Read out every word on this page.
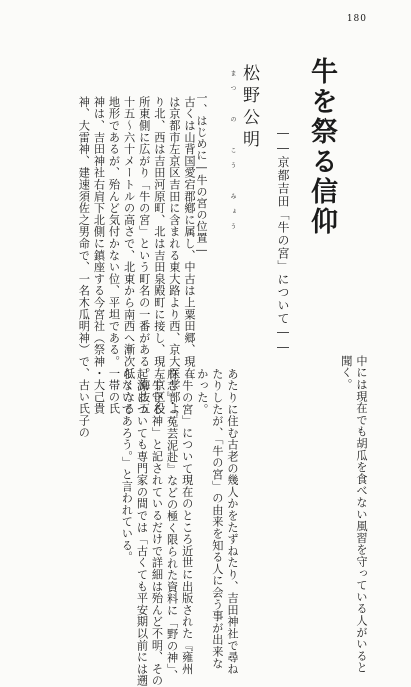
180
牛を祭る信仰
――京都吉田「牛の宮」について――
まつ の こう みょう 松野公明
一、はじめに―牛の宮の位置―
古くは山背国愛宕郡鄕に属し、中古は上粟田郷、現在
は京都市左京区吉田に含まれる東大路より西、京大医学部よ
り北、西は吉田河原町、北は吉田泉殿町に接し、現左京区役
所東側に広がり「牛の宮」という町名の一番がある。海抜五
十五～六十メートルの高さで、北東から南西へ漸次低くなる
地形であるが、殆んど気付かない位、平坦である。一帯の氏
神は、吉田神社右肩下北側に鎮座する今宮社（祭神・大己貴
神、大雷神、建速須佐之男命で、一名木瓜明神）で、古い氏子の
中には現在でも胡瓜を食べない風習を守っている人がいると
聞く。
あたりに住む古老の幾人かをたずねたり、吉田神社で尋ね
たりしたが、「牛の宮」の由来を知る人に会う事が出来な
かった。
「牛の宮」について現在のところ近世に出版された『雍州
府志』・『菟芸泥赴』などの極く限られた資料に「野の神」、
「牛守る神」と記されているだけで詳細は殆んど不明、その
起源についても専門家の間では「古くても平安期以前には遡
らないであろう。」と言われている。
